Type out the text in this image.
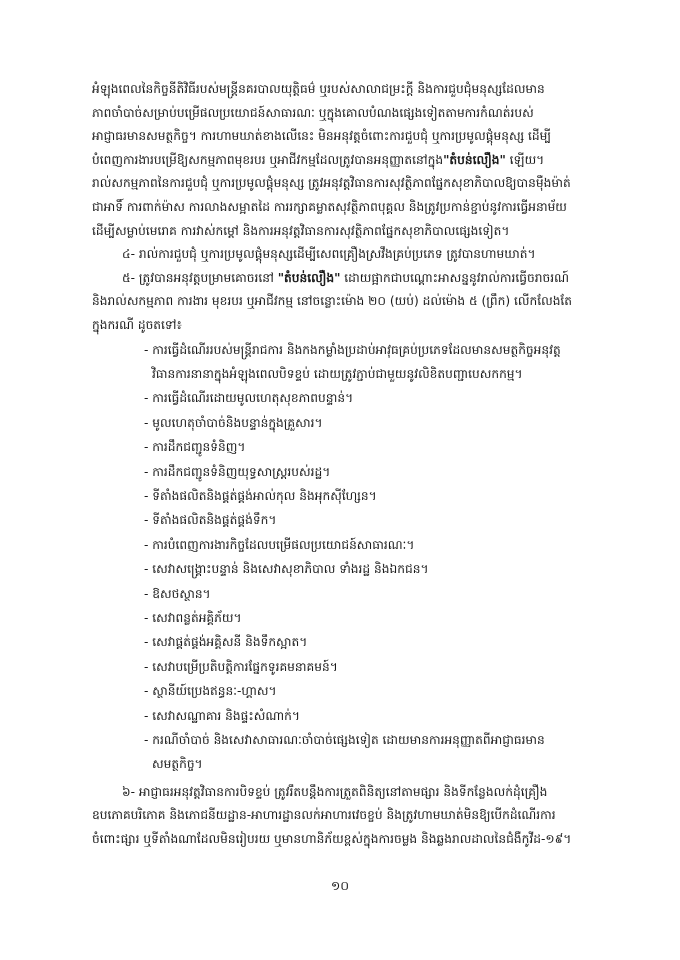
អំឡុងពេលនៃកិច្ចនីតិវិធីរបស់មន្ត្រីនគរបាលយុត្តិធម៌ ឬរបស់សាលាជម្រះក្តី និងការជួបជុំមនុស្សដែលមាន
ភាពចាំបាច់សម្រាប់បម្រើផលប្រយោជន៍សាធារណៈ ឬក្នុងគោលបំណងផ្សេងទៀតតាមការកំណត់របស់
អាជ្ញាធរមានសមត្ថកិច្ច។ ការហាមឃាត់ខាងលើនេះ មិនអនុវត្តចំពោះការជួបជុំ ឬការប្រមូលផ្តុំមនុស្ស ដើម្បី
បំពេញការងារបម្រើឱ្យសកម្មភាពមុខរបរ ឬអាជីវកម្មដែលត្រូវបានអនុញ្ញាតនៅក្នុង"តំបន់លឿង" ឡើយ។
រាល់សកម្មភាពនៃការជួបជុំ ឬការប្រមូលផ្តុំមនុស្ស ត្រូវអនុវត្តវិធានការសុវត្ថិភាពផ្នែកសុខាភិបាលឱ្យបានម៉ឺងម៉ាត់
ជាអាទិ៍ ការពាក់ម៉ាស ការលាងសម្អាតដៃ ការរក្សាគម្លាតសុវត្ថិភាពបុគ្គល និងត្រូវប្រកាន់ខ្ជាប់នូវការធ្វើអនាម័យ
ដើម្បីសម្លាប់មេរោគ ការវាស់កម្តៅ និងការអនុវត្តវិធានការសុវត្ថិភាពផ្នែកសុខាភិបាលផ្សេងទៀត។

៤- រាល់ការជួបជុំ ឬការប្រមូលផ្តុំមនុស្សដើម្បីសេពគ្រឿងស្រវឹងគ្រប់ប្រភេទ ត្រូវបានហាមឃាត់។

៥- ត្រូវបានអនុវត្តបម្រាមគោចរនៅ "តំបន់លឿង" ដោយផ្អាកជាបណ្តោះអាសន្ននូវរាល់ការធ្វើចរាចរណ៍
និងរាល់សកម្មភាព ការងារ មុខរបរ ឬអាជីវកម្ម នៅចន្លោះម៉ោង ២០ (យប់) ដល់ម៉ោង ៥ (ព្រឹក) លើកលែងតែ
ក្នុងករណី ដូចតទៅ៖

- ការធ្វើដំណើររបស់មន្ត្រីរាជការ និងកងកម្លាំងប្រដាប់អាវុធគ្រប់ប្រភេទដែលមានសមត្ថកិច្ចអនុវត្ត
វិធានការនានាក្នុងអំឡុងពេលបិទខ្ទប់ ដោយត្រូវភ្ជាប់ជាមួយនូវលិខិតបញ្ជាបេសកកម្ម។
- ការធ្វើដំណើរដោយមូលហេតុសុខភាពបន្ទាន់។
- មូលហេតុចាំបាច់និងបន្ទាន់ក្នុងគ្រួសារ។
- ការដឹកជញ្ជូនទំនិញ។
- ការដឹកជញ្ជូនទំនិញយុទ្ធសាស្ត្ររបស់រដ្ឋ។
- ទីតាំងផលិតនិងផ្គត់ផ្គង់អាល់កុល និងអុកស៊ីហ្សែន។
- ទីតាំងផលិតនិងផ្គត់ផ្គង់ទឹក។
- ការបំពេញការងារកិច្ចដែលបម្រើផលប្រយោជន៍សាធារណៈ។
- សេវាសង្គ្រោះបន្ទាន់ និងសេវាសុខាភិបាល ទាំងរដ្ឋ និងឯកជន។
- ឱសថស្ថាន។
- សេវាពន្លត់អគ្គិភ័យ។
- សេវាផ្គត់ផ្គង់អគ្គិសនី និងទឹកស្អាត។
- សេវាបម្រើប្រតិបត្តិការផ្នែកទូរគមនាគមន៍។
- ស្ថានីយ៍ប្រេងឥន្ធនៈ-ហ្គាស។
- សេវាសណ្ឋាគារ និងផ្ទះសំណាក់។
- ករណីចាំបាច់ និងសេវាសាធារណៈចាំបាច់ផ្សេងទៀត ដោយមានការអនុញ្ញាតពីអាជ្ញាធរមាន
សមត្ថកិច្ច។

៦- អាជ្ញាធរអនុវត្តវិធានការបិទខ្ទប់ ត្រូវរឹតបន្តឹងការត្រួតពិនិត្យនៅតាមផ្សារ និងទីកន្លែងលក់ដុំគ្រឿង
ឧបភោគបរិភោគ និងភោជនីយដ្ឋាន-អាហារដ្ឋានលក់អាហារវេចខ្ចប់ និងត្រូវហាមឃាត់មិនឱ្យបើកដំណើរការ
ចំពោះផ្សារ ឬទីតាំងណាដែលមិនរៀបរយ ឬមានហានិភ័យខ្ពស់ក្នុងការចម្លង និងឆ្លងរាលដាលនៃជំងឺកូវីដ-១៩។

១០
